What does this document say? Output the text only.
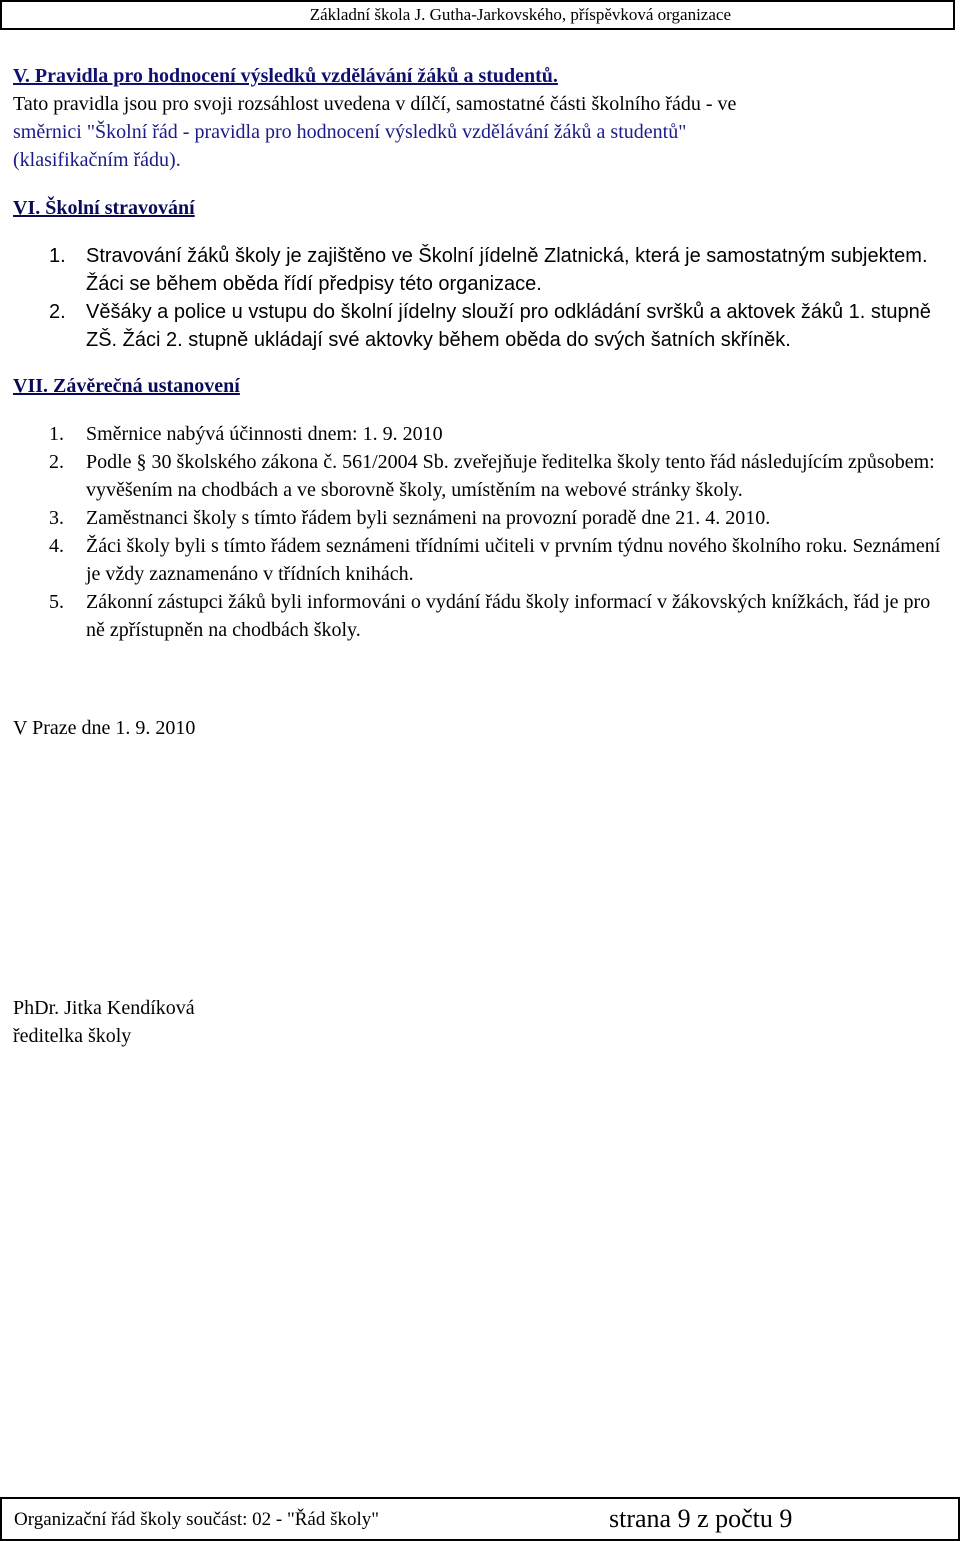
Základní škola J. Gutha-Jarkovského, příspěvková organizace
V. Pravidla pro hodnocení výsledků vzdělávání žáků a studentů.
Tato pravidla jsou pro svoji rozsáhlost uvedena v dílčí, samostatné části školního řádu - ve
směrnici "Školní řád - pravidla pro hodnocení výsledků vzdělávání žáků a studentů"
(klasifikačním řádu).
VI. Školní stravování
1. Stravování žáků školy je zajištěno ve Školní jídelně Zlatnická, která je samostatným subjektem. Žáci se během oběda řídí předpisy této organizace.
2. Věšáky a police u vstupu do školní jídelny slouží pro odkládání svršků a aktovek žáků 1. stupně ZŠ. Žáci 2. stupně ukládají své aktovky během oběda do svých šatních skříněk.
VII. Závěrečná ustanovení
1. Směrnice nabývá účinnosti dnem: 1. 9. 2010
2. Podle § 30 školského zákona č. 561/2004 Sb. zveřejňuje ředitelka školy tento řád následujícím způsobem: vyvěšením na chodbách a ve sborovně školy, umístěním na webové stránky školy.
3. Zaměstnanci školy s tímto řádem byli seznámeni na provozní poradě dne 21. 4. 2010.
4. Žáci školy byli s tímto řádem seznámeni třídními učiteli v prvním týdnu nového školního roku. Seznámení je vždy zaznamenáno v třídních knihách.
5. Zákonní zástupci žáků byli informováni o vydání řádu školy informací v žákovských knížkách, řád je pro ně zpřístupněn na chodbách školy.
V Praze dne 1. 9. 2010
PhDr. Jitka Kendíková
ředitelka školy
Organizační řád školy součást: 02 - "Řád školy"	strana 9 z počtu 9
